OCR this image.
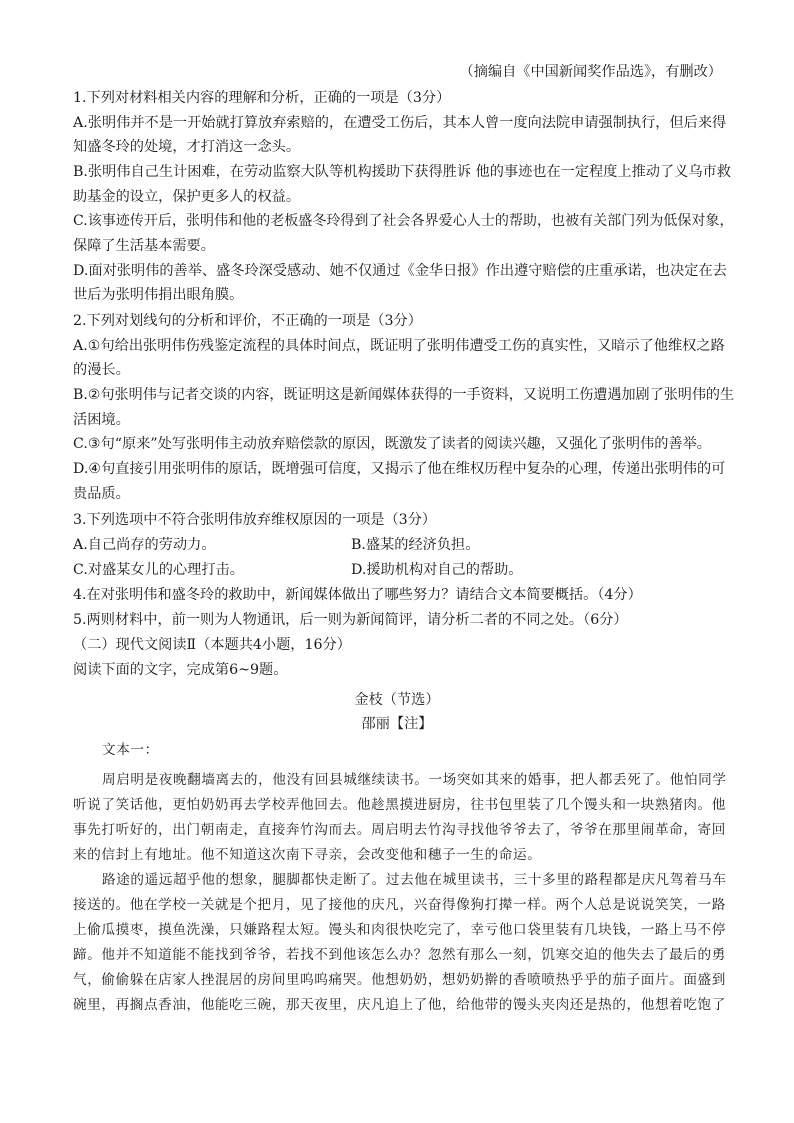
（摘编自《中国新闻奖作品选》，有删改）
1.下列对材料相关内容的理解和分析，正确的一项是（3分）
A.张明伟并不是一开始就打算放弃索赔的，在遭受工伤后，其本人曾一度向法院申请强制执行，但后来得
知盛冬玲的处境，才打消这一念头。
B.张明伟自己生计困难，在劳动监察大队等机构援助下获得胜诉 他的事迹也在一定程度上推动了义乌市救
助基金的设立，保护更多人的权益。
C.该事迹传开后，张明伟和他的老板盛冬玲得到了社会各界爱心人士的帮助，也被有关部门列为低保对象，
保障了生活基本需要。
D.面对张明伟的善举、盛冬玲深受感动、她不仅通过《金华日报》作出遵守赔偿的庄重承诺，也决定在去
世后为张明伟捐出眼角膜。
2.下列对划线句的分析和评价，不正确的一项是（3分）
A.①句给出张明伟伤残鉴定流程的具体时间点，既证明了张明伟遭受工伤的真实性，又暗示了他维权之路
的漫长。
B.②句张明伟与记者交谈的内容，既证明这是新闻媒体获得的一手资料，又说明工伤遭遇加剧了张明伟的生
活困境。
C.③句“原来”处写张明伟主动放弃赔偿款的原因，既激发了读者的阅读兴趣，又强化了张明伟的善举。
D.④句直接引用张明伟的原话，既增强可信度，又揭示了他在维权历程中复杂的心理，传递出张明伟的可
贵品质。
3.下列选项中不符合张明伟放弃维权原因的一项是（3分）
A.自己尚存的劳动力。	B.盛某的经济负担。
C.对盛某女儿的心理打击。	D.援助机构对自己的帮助。
4.在对张明伟和盛冬玲的救助中，新闻媒体做出了哪些努力？请结合文本简要概括。（4分）
5.两则材料中，前一则为人物通讯，后一则为新闻简评，请分析二者的不同之处。（6分）
（二）现代文阅读Ⅱ（本题共4小题，16分）
阅读下面的文字，完成第6~9题。
金枝（节选）
邵丽【注】
文本一：
周启明是夜晚翻墙离去的，他没有回县城继续读书。一场突如其来的婚事，把人都丢死了。他怕同学
听说了笑话他，更怕奶奶再去学校弄他回去。他趁黑摸进厨房，往书包里装了几个馒头和一块熟猪肉。他
事先打听好的，出门朝南走，直接奔竹沟而去。周启明去竹沟寻找他爷爷去了，爷爷在那里闹革命，寄回
来的信封上有地址。他不知道这次南下寻亲，会改变他和穗子一生的命运。
路途的遥远超乎他的想象，腿脚都快走断了。过去他在城里读书，三十多里的路程都是庆凡驾着马车
接送的。他在学校一关就是个把月，见了接他的庆凡，兴奋得像狗打撵一样。两个人总是说说笑笑，一路
上偷瓜摸枣，摸鱼洗澡，只嫌路程太短。馒头和肉很快吃完了，幸亏他口袋里装有几块钱，一路上马不停
蹄。他并不知道能不能找到爷爷，若找不到他该怎么办？忽然有那么一刻，饥寒交迫的他失去了最后的勇
气，偷偷躲在店家人挫混居的房间里呜呜痛哭。他想奶奶，想奶奶擀的香喷喷热乎乎的茄子面片。面盛到
碗里，再搁点香油，他能吃三碗，那天夜里，庆凡追上了他，给他带的馒头夹肉还是热的，他想着吃饱了
